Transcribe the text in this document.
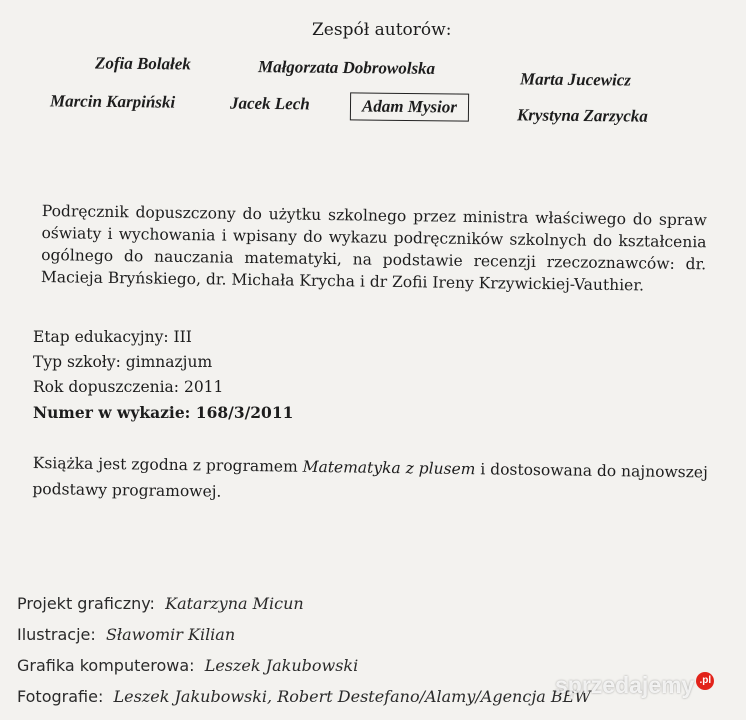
Zespół autorów:
Zofia Bolałek	Małgorzata Dobrowolska
Marta Jucewicz
Marcin Karpiński	Jacek Lech	Adam Mysior	Krystyna Zarzycka
Podręcznik dopuszczony do użytku szkolnego przez ministra właściwego do spraw oświaty i wychowania i wpisany do wykazu podręczników szkolnych do kształcenia ogólnego do nauczania matematyki, na podstawie recenzji rzeczoznawców: dr. Macieja Bryńskiego, dr. Michała Krycha i dr Zofii Ireny Krzywickiej-Vauthier.
Etap edukacyjny: III
Typ szkoły: gimnazjum
Rok dopuszczenia: 2011
Numer w wykazie: 168/3/2011
Książka jest zgodna z programem Matematyka z plusem i dostosowana do najnowszej podstawy programowej.
Projekt graficzny: Katarzyna Micun
Ilustracje: Sławomir Kilian
Grafika komputerowa: Leszek Jakubowski
Fotografie: Leszek Jakubowski, Robert Destefano/Alamy/Agencja BEW
sprzedajemy .pl
